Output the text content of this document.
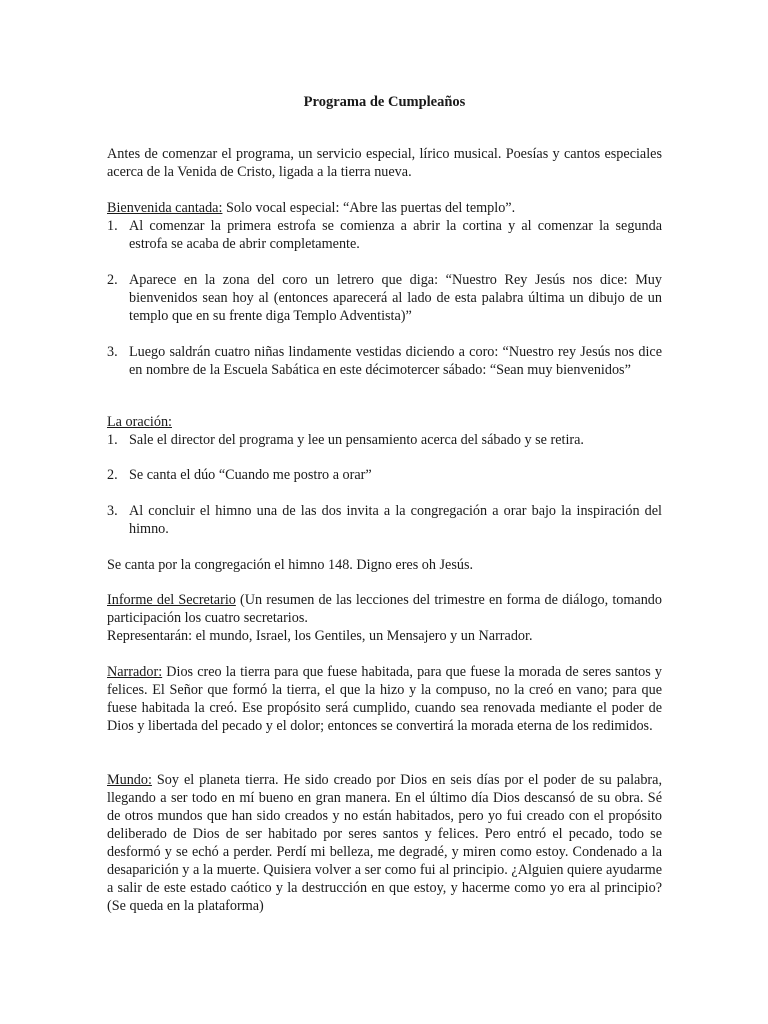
Programa de Cumpleaños

Antes de comenzar el programa, un servicio especial, lírico musical. Poesías y cantos especiales acerca de la Venida de Cristo, ligada a la tierra nueva.

Bienvenida cantada: Solo vocal especial: “Abre las puertas del templo”.

1. Al comenzar la primera estrofa se comienza a abrir la cortina y al comenzar la segunda estrofa se acaba de abrir completamente.
2. Aparece en la zona del coro un letrero que diga: “Nuestro Rey Jesús nos dice: Muy bienvenidos sean hoy al (entonces aparecerá al lado de esta palabra última un dibujo de un templo que en su frente diga Templo Adventista)”
3. Luego saldrán cuatro niñas lindamente vestidas diciendo a coro: “Nuestro rey Jesús nos dice en nombre de la Escuela Sabática en este décimotercer sábado: “Sean muy bienvenidos”

La oración:

1. Sale el director del programa y lee un pensamiento acerca del sábado y se retira.
2. Se canta el dúo “Cuando me postro a orar”
3. Al concluir el himno una de las dos invita a la congregación a orar bajo la inspiración del himno.

Se canta por la congregación el himno 148. Digno eres oh Jesús.

Informe del Secretario (Un resumen de las lecciones del trimestre en forma de diálogo, tomando participación los cuatro secretarios.
Representarán: el mundo, Israel, los Gentiles, un Mensajero y un Narrador.

Narrador: Dios creo la tierra para que fuese habitada, para que fuese la morada de seres santos y felices. El Señor que formó la tierra, el que la hizo y la compuso, no la creó en vano; para que fuese habitada la creó. Ese propósito será cumplido, cuando sea renovada mediante el poder de Dios y libertada del pecado y el dolor; entonces se convertirá la morada eterna de los redimidos.

Mundo: Soy el planeta tierra. He sido creado por Dios en seis días por el poder de su palabra, llegando a ser todo en mí bueno en gran manera. En el último día Dios descansó de su obra. Sé de otros mundos que han sido creados y no están habitados, pero yo fui creado con el propósito deliberado de Dios de ser habitado por seres santos y felices. Pero entró el pecado, todo se desformó y se echó a perder. Perdí mi belleza, me degradé, y miren como estoy. Condenado a la desaparición y a la muerte. Quisiera volver a ser como fui al principio. ¿Alguien quiere ayudarme a salir de este estado caótico y la destrucción en que estoy, y hacerme como yo era al principio? (Se queda en la plataforma)
